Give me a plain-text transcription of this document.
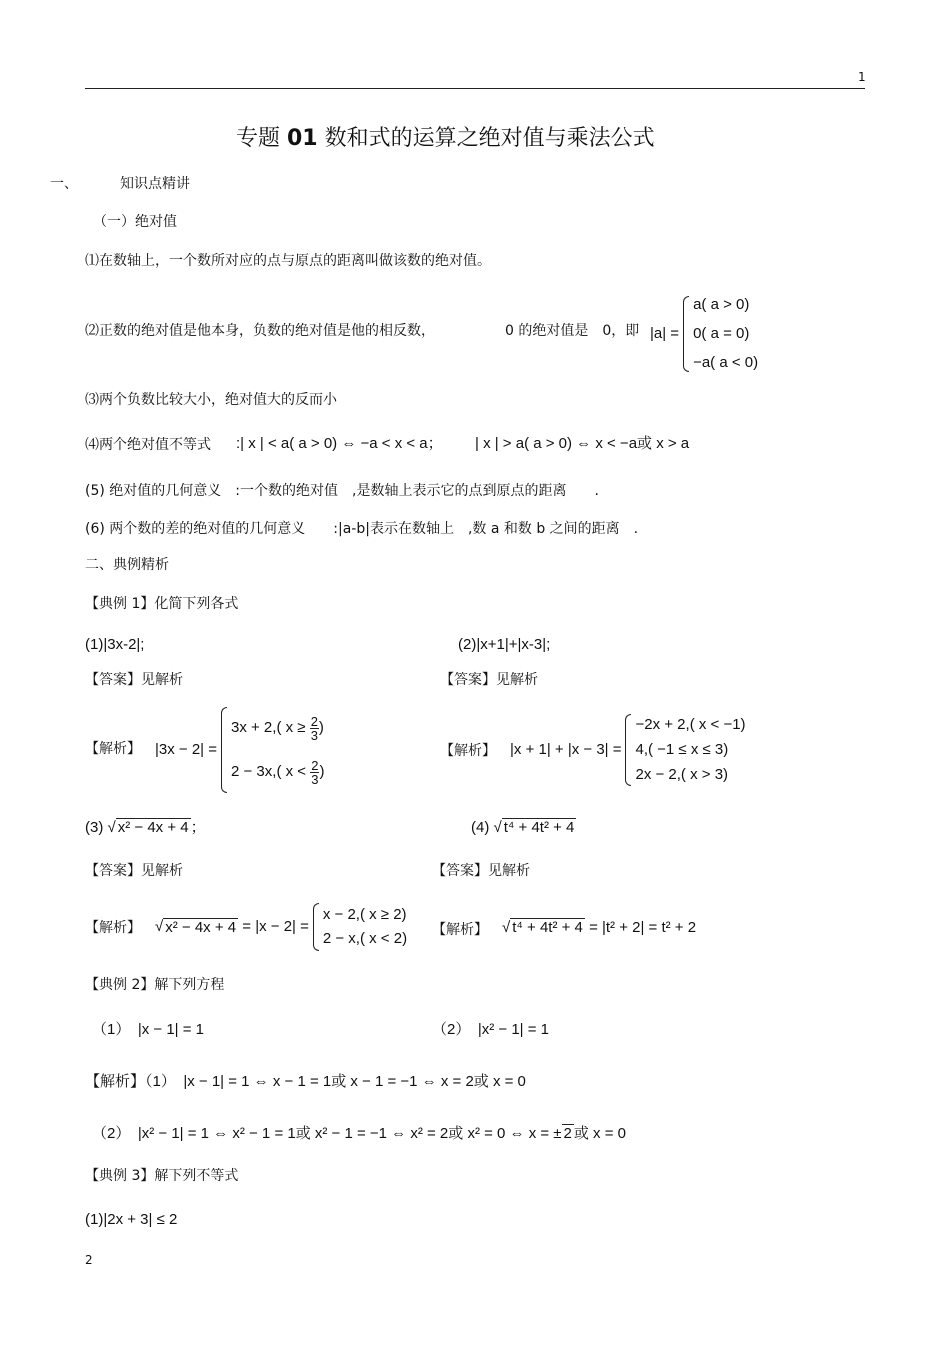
1
专题 01 数和式的运算之绝对值与乘法公式
一、	知识点精讲
（一）绝对值
⑴在数轴上，一个数所对应的点与原点的距离叫做该数的绝对值。
⑵正数的绝对值是他本身，负数的绝对值是他的相反数，	0 的绝对值是　0，即 |a| =
a( a > 0)
0( a = 0)
−a( a < 0)
⑶两个负数比较大小，绝对值大的反而小
⑷两个绝对值不等式 :| x | < a( a > 0) ⇔ −a < x < a； | x | > a( a > 0) ⇔ x < −a或 x > a
(5) 绝对值的几何意义　:一个数的绝对值　,是数轴上表示它的点到原点的距离　　.
(6) 两个数的差的绝对值的几何意义　　:|a-b|表示在数轴上　,数 a 和数 b 之间的距离　.
二、典例精析
【典例 1】化简下列各式
(1)|3x-2|;	(2)|x+1|+|x-3|;
【答案】见解析	【答案】见解析
【解析】 |3x − 2| =
3x + 2,( $x \ge \frac{2}{3}$ )
2 − 3x,( $x < \frac{2}{3}$ )
【解析】 |x + 1| + |x − 3| =
−2x + 2,( x < −1)
4,( −1 ≤ x ≤ 3)
2x − 2,( x > 3)
(3) √ x² − 4x + 4 ；	(4) √ t⁴ + 4t² + 4
【答案】见解析	【答案】见解析
【解析】 √ x² − 4x + 4 = |x − 2| =
x − 2,( x ≥ 2)
2 − x,( x < 2) 【解析】 √ t⁴ + 4t² + 4 = |t² + 2| = t² + 2
【典例 2】解下列方程
（1）　|x − 1| = 1	（2）　|x² − 1| = 1
【解析】（1）　|x − 1| = 1 ⇔ x − 1 = 1或 x − 1 = −1 ⇔ x = 2或 x = 0
（2）　|x² − 1| = 1 ⇔ x² − 1 = 1或 x² − 1 = −1 ⇔ x² = 2或 x² = 0 ⇔ x = ± 2 或 x = 0
【典例 3】解下列不等式
(1)|2x + 3| ≤ 2
2
